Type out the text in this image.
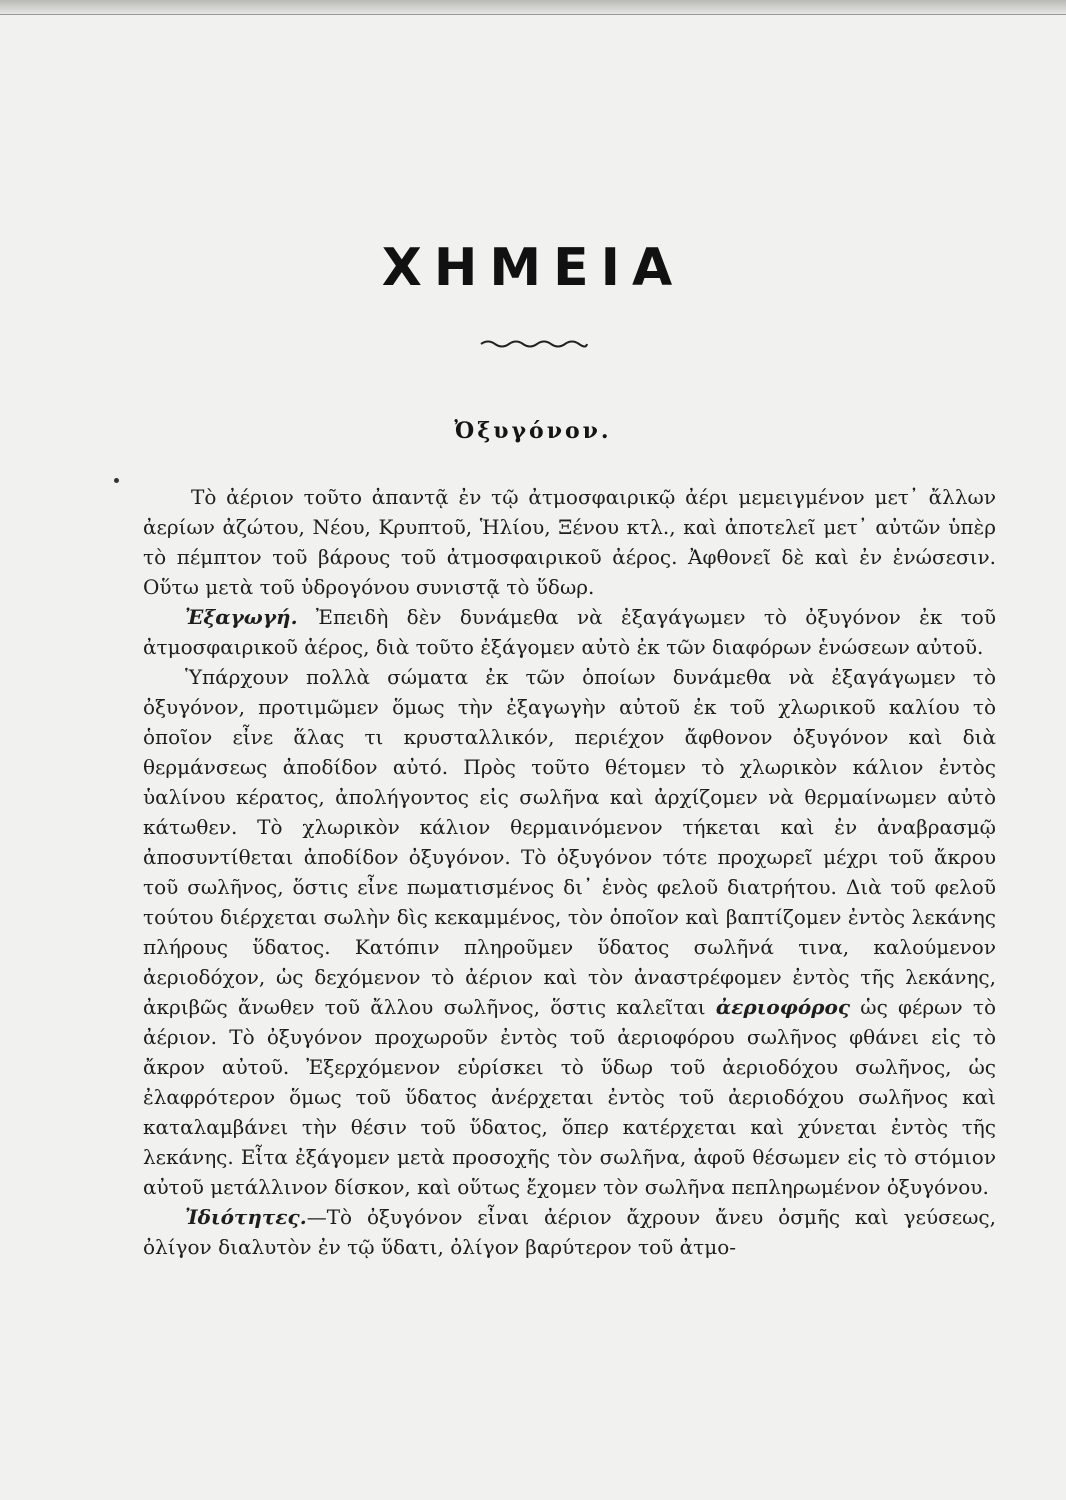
ΧΗΜΕΙΑ
Ὀξυγόνον.

Τὸ ἀέριον τοῦτο ἀπαντᾷ ἐν τῷ ἀτμοσφαιρικῷ ἀέρι μεμειγμένον μετ᾽ ἄλλων ἀερίων ἀζώτου, Νέου, Κρυπτοῦ, Ἡλίου, Ξένου κτλ., καὶ ἀποτελεῖ μετ᾽ αὐτῶν ὑπὲρ τὸ πέμπτον τοῦ βάρους τοῦ ἀτμοσφαιρικοῦ ἀέρος. Ἀφθονεῖ δὲ καὶ ἐν ἑνώσεσιν. Οὕτω μετὰ τοῦ ὑδρογόνου συνιστᾷ τὸ ὕδωρ.

Ἐξαγωγή. Ἐπειδὴ δὲν δυνάμεθα νὰ ἐξαγάγωμεν τὸ ὀξυγόνον ἐκ τοῦ ἀτμοσφαιρικοῦ ἀέρος, διὰ τοῦτο ἐξάγομεν αὐτὸ ἐκ τῶν διαφόρων ἑνώσεων αὐτοῦ.

Ὑπάρχουν πολλὰ σώματα ἐκ τῶν ὁποίων δυνάμεθα νὰ ἐξαγάγωμεν τὸ ὀξυγόνον, προτιμῶμεν ὅμως τὴν ἐξαγωγὴν αὐτοῦ ἐκ τοῦ χλωρικοῦ καλίου τὸ ὁποῖον εἶνε ἅλας τι κρυσταλλικόν, περιέχον ἄφθονον ὀξυγόνον καὶ διὰ θερμάνσεως ἀποδίδον αὐτό. Πρὸς τοῦτο θέτομεν τὸ χλωρικὸν κάλιον ἐντὸς ὑαλίνου κέρατος, ἀπολήγοντος εἰς σωλῆνα καὶ ἀρχίζομεν νὰ θερμαίνωμεν αὐτὸ κάτωθεν. Τὸ χλωρικὸν κάλιον θερμαινόμενον τήκεται καὶ ἐν ἀναβρασμῷ ἀποσυντίθεται ἀποδίδον ὀξυγόνον. Τὸ ὀξυγόνον τότε προχωρεῖ μέχρι τοῦ ἄκρου τοῦ σωλῆνος, ὅστις εἶνε πωματισμένος δι᾽ ἑνὸς φελοῦ διατρήτου. Διὰ τοῦ φελοῦ τούτου διέρχεται σωλὴν δὶς κεκαμμένος, τὸν ὁποῖον καὶ βαπτίζομεν ἐντὸς λεκάνης πλήρους ὕδατος. Κατόπιν πληροῦμεν ὕδατος σωλῆνά τινα, καλούμενον ἀεριοδόχον, ὡς δεχόμενον τὸ ἀέριον καὶ τὸν ἀναστρέφομεν ἐντὸς τῆς λεκάνης, ἀκριβῶς ἄνωθεν τοῦ ἄλλου σωλῆνος, ὅστις καλεῖται ἀεριοφόρος ὡς φέρων τὸ ἀέριον. Τὸ ὀξυγόνον προχωροῦν ἐντὸς τοῦ ἀεριοφόρου σωλῆνος φθάνει εἰς τὸ ἄκρον αὐτοῦ. Ἐξερχόμενον εὑρίσκει τὸ ὕδωρ τοῦ ἀεριοδόχου σωλῆνος, ὡς ἐλαφρότερον ὅμως τοῦ ὕδατος ἀνέρχεται ἐντὸς τοῦ ἀεριοδόχου σωλῆνος καὶ καταλαμβάνει τὴν θέσιν τοῦ ὕδατος, ὅπερ κατέρχεται καὶ χύνεται ἐντὸς τῆς λεκάνης. Εἶτα ἐξάγομεν μετὰ προσοχῆς τὸν σωλῆνα, ἀφοῦ θέσωμεν εἰς τὸ στόμιον αὐτοῦ μετάλλινον δίσκον, καὶ οὕτως ἔχομεν τὸν σωλῆνα πεπληρωμένον ὀξυγόνου.

Ἰδιότητες.—Τὸ ὀξυγόνον εἶναι ἀέριον ἄχρουν ἄνευ ὀσμῆς καὶ γεύσεως, ὀλίγον διαλυτὸν ἐν τῷ ὕδατι, ὀλίγον βαρύτερον τοῦ ἀτμο-
